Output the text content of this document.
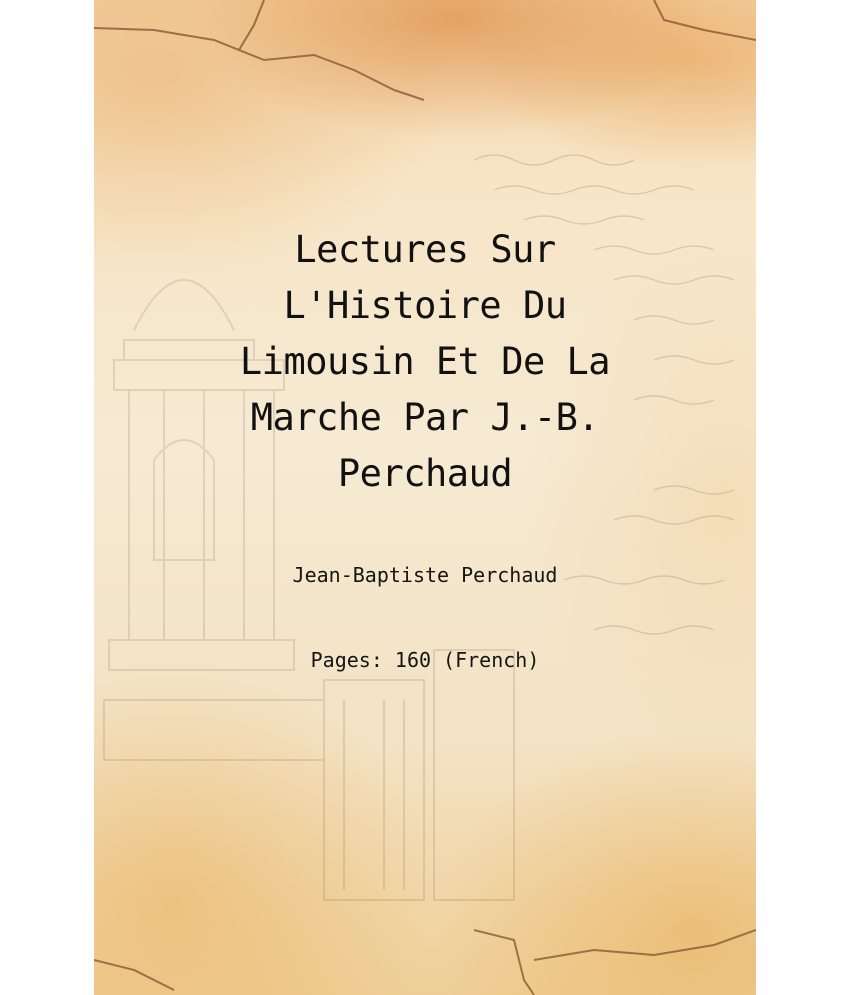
Lectures Sur
L'Histoire Du
Limousin Et De La
Marche Par J.-B.
Perchaud
Jean-Baptiste Perchaud
Pages: 160 (French)
